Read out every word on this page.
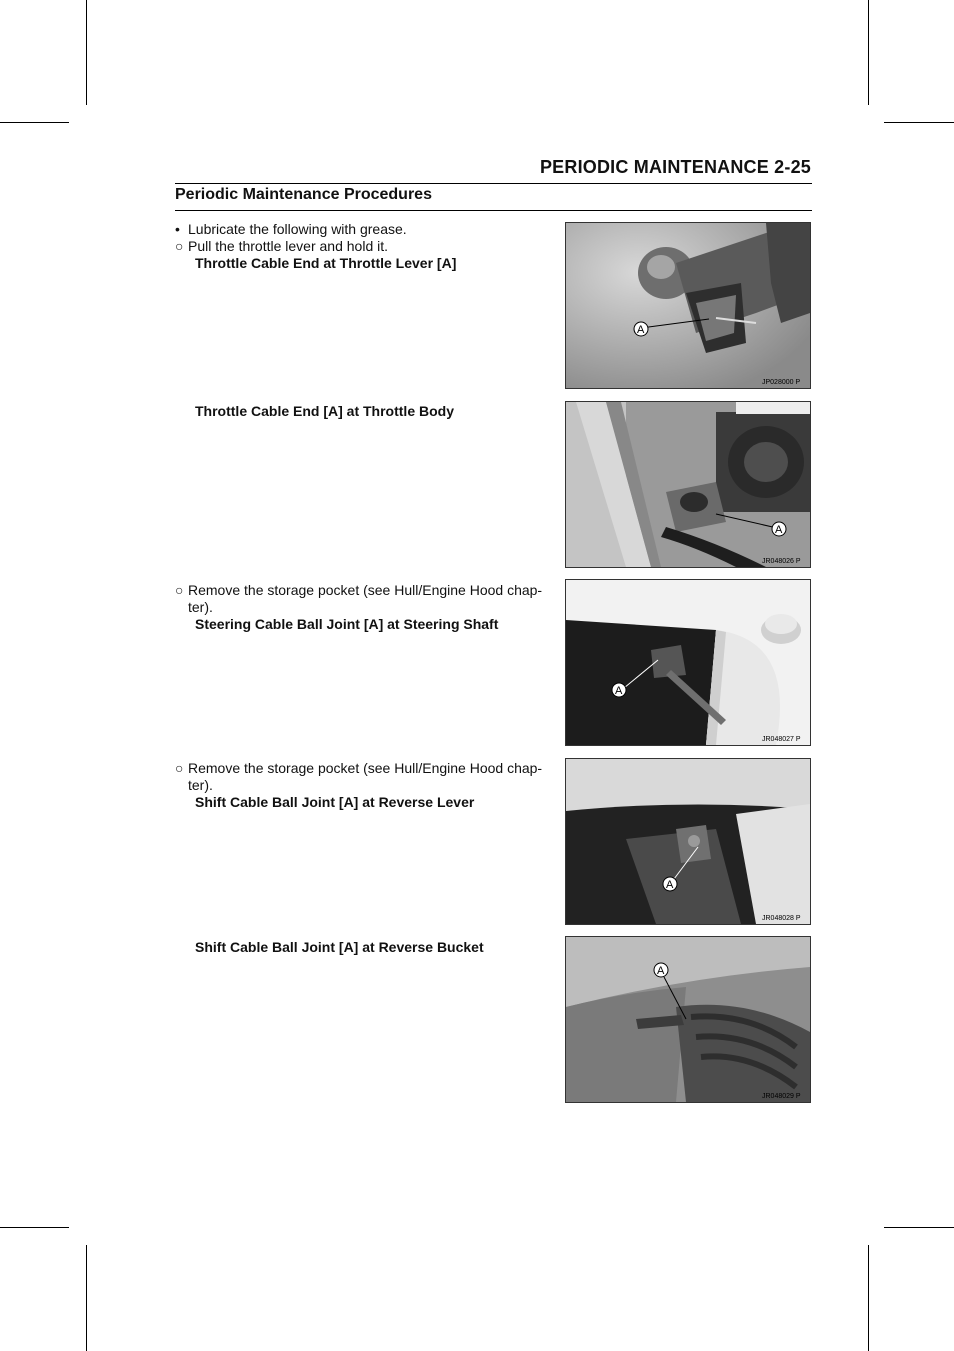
PERIODIC MAINTENANCE 2-25
Periodic Maintenance Procedures
• Lubricate the following with grease.
○ Pull the throttle lever and hold it.
Throttle Cable End at Throttle Lever [A]
Throttle Cable End [A] at Throttle Body
○ Remove the storage pocket (see Hull/Engine Hood chap-
ter).
Steering Cable Ball Joint [A] at Steering Shaft
○ Remove the storage pocket (see Hull/Engine Hood chap-
ter).
Shift Cable Ball Joint [A] at Reverse Lever
Shift Cable Ball Joint [A] at Reverse Bucket
A
JP028000 P
A
JR048026 P
A
JR048027 P
A
JR048028 P
A
JR048029 P
